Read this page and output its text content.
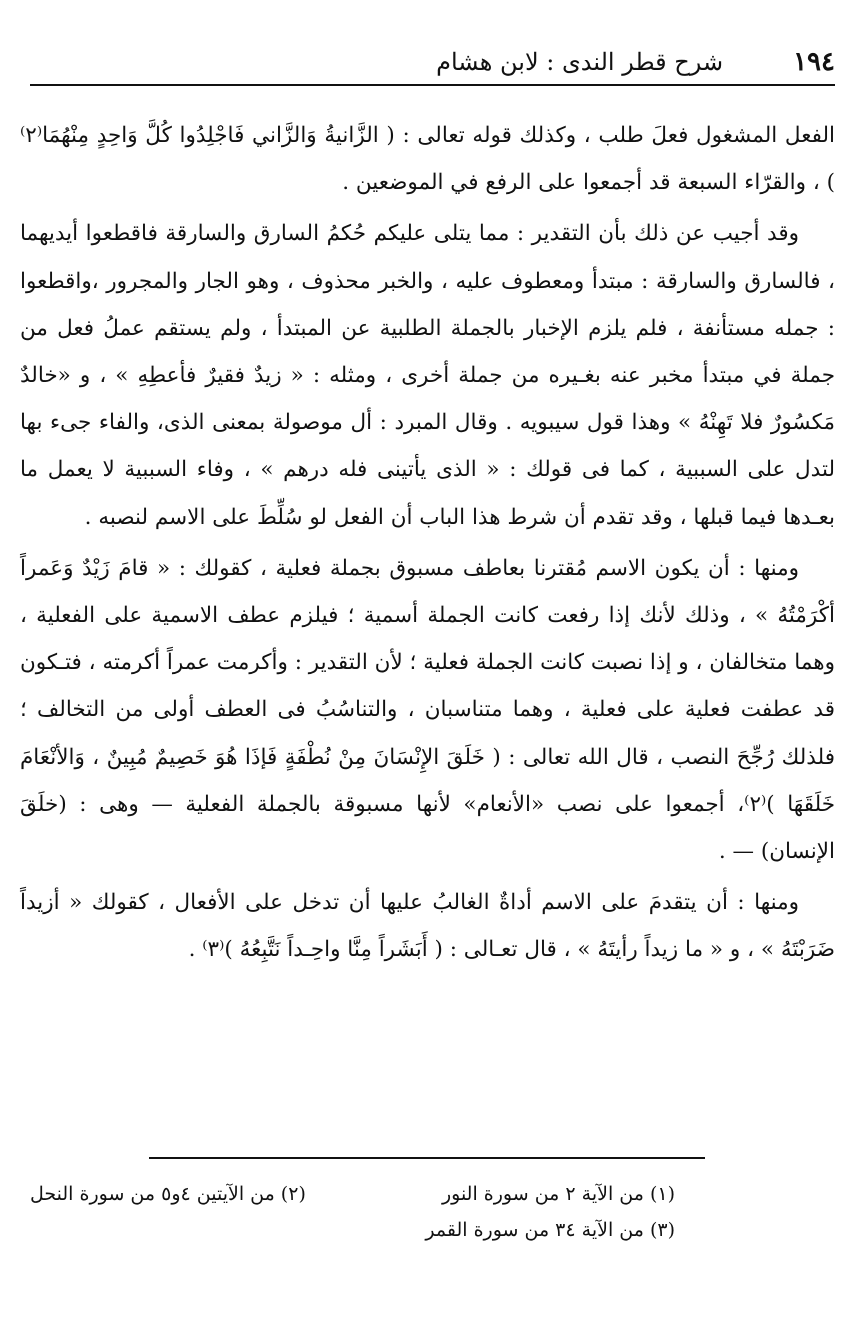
١٩٤
شرح قطر الندى : لابن هشام

الفعل المشغول فعلَ طلب ، وكذلك قوله تعالى : ( الزَّانيةُ وَالزَّاني فَاجْلِدُوا كُلَّ وَاحِدٍ مِنْهُمَا⁽٢⁾ ) ، والقرّاء السبعة قد أجمعوا على الرفع في الموضعين .

وقد أجيب عن ذلك بأن التقدير : مما يتلى عليكم حُكمُ السارق والسارقة فاقطعوا أيديهما ، فالسارق والسارقة : مبتدأ ومعطوف عليه ، والخبر محذوف ، وهو الجار والمجرور ،واقطعوا : جمله مستأنفة ، فلم يلزم الإخبار بالجملة الطلبية عن المبتدأ ، ولم يستقم عملُ فعل من جملة في مبتدأ مخبر عنه بغـيره من جملة أخرى ، ومثله : « زيدٌ فقيرٌ فأعطِهِ » ، و «خالدٌ مَكسُورٌ فلا تَهِنْهُ » وهذا قول سيبويه . وقال المبرد : أل موصولة بمعنى الذى، والفاء جىء بها لتدل على السببية ، كما فى قولك : « الذى يأتينى فله درهم » ، وفاء السببية لا يعمل ما بعـدها فيما قبلها ، وقد تقدم أن شرط هذا الباب أن الفعل لو سُلِّطَ على الاسم لنصبه .

ومنها : أن يكون الاسم مُقترنا بعاطف مسبوق بجملة فعلية ، كقولك : « قامَ زَيْدٌ وَعَمراً أكْرَمْتُهُ » ، وذلك لأنك إذا رفعت كانت الجملة أسمية ؛ فيلزم عطف الاسمية على الفعلية ، وهما متخالفان ، و إذا نصبت كانت الجملة فعلية ؛ لأن التقدير : وأكرمت عمراً أكرمته ، فتـكون قد عطفت فعلية على فعلية ، وهما متناسبان ، والتناسُبُ فى العطف أولى من التخالف ؛ فلذلك رُجِّحَ النصب ، قال الله تعالى : ( خَلَقَ الإِنْسَانَ مِنْ نُطْفَةٍ فَإذَا هُوَ خَصِيمٌ مُبِينٌ ، وَالأنْعَامَ خَلَقَهَا )⁽٢⁾، أجمعوا على نصب «الأنعام» لأنها مسبوقة بالجملة الفعلية — وهى : (خلَقَ الإنسان) — .

ومنها : أن يتقدمَ على الاسم أداةٌ الغالبُ عليها أن تدخل على الأفعال ، كقولك « أزيداً ضَرَبْتَهُ » ، و « ما زيداً رأيتَهُ » ، قال تعـالى : ( أَبَشَراً مِنَّا واحِـداً نَتَّبِعُهُ )⁽٣⁾ .

(١) من الآية ٢ من سورة النور
(٢) من الآيتين ٤و٥ من سورة النحل
(٣) من الآية ٣٤ من سورة القمر
